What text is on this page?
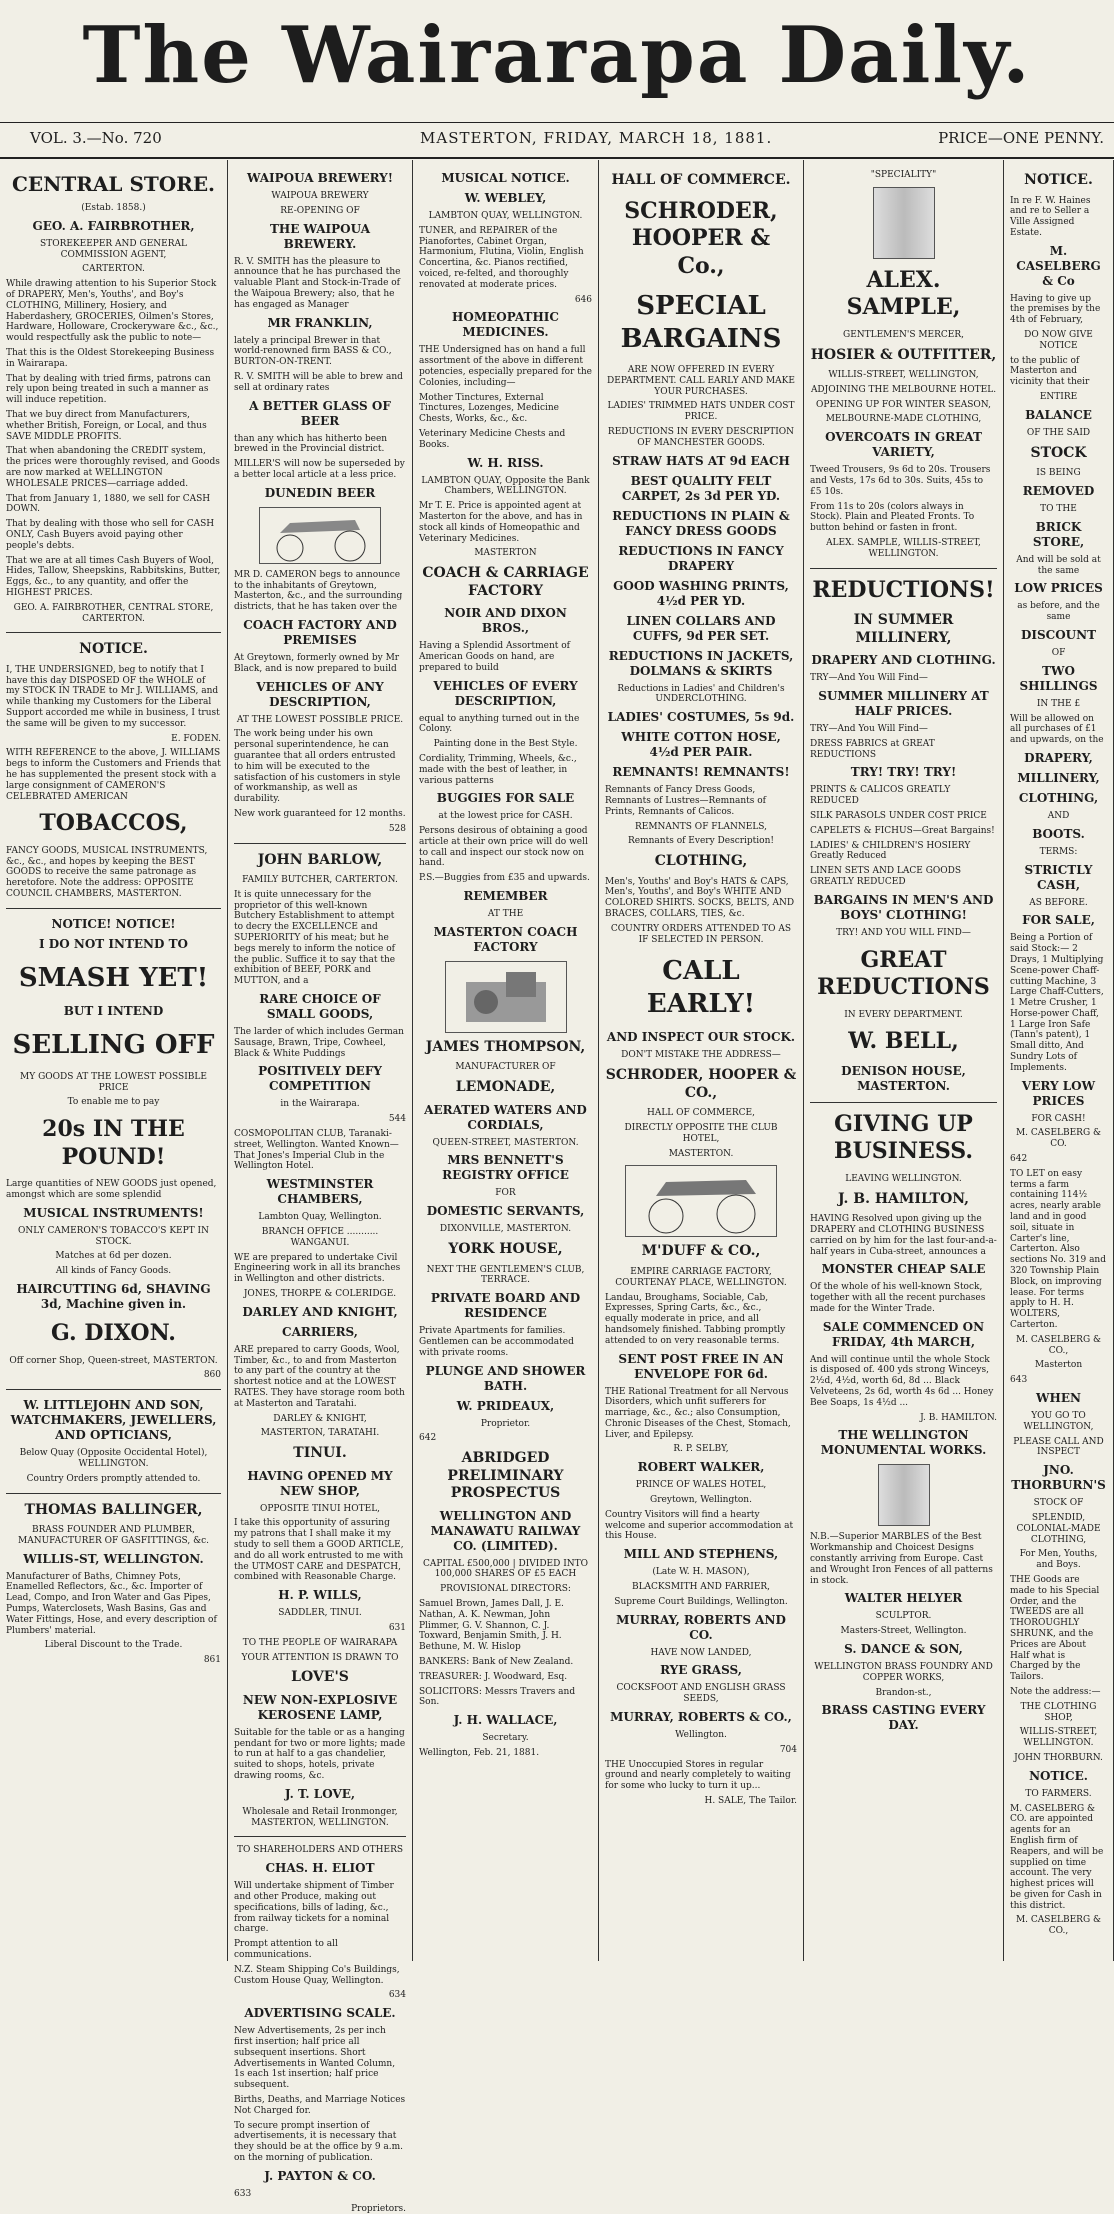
The Wairarapa Daily.
VOL. 3.—No. 720	MASTERTON, FRIDAY, MARCH 18, 1881.	PRICE—ONE PENNY.
CENTRAL STORE.
(Estab. 1858.)
GEO. A. FAIRBROTHER,
STOREKEEPER AND GENERAL COMMISSION AGENT,
CARTERTON.
While drawing attention to his Superior Stock of DRAPERY, Men's, Youths', and Boy's CLOTHING, Millinery, Hosiery, and Haberdashery, GROCERIES, Oilmen's Stores, Hardware, Holloware, Crockeryware &c., &c., would respectfully ask the public to note—
That this is the Oldest Storekeeping Business in Wairarapa.
That by dealing with tried firms, patrons can rely upon being treated in such a manner as will induce repetition.
That we buy direct from Manufacturers, whether British, Foreign, or Local, and thus SAVE MIDDLE PROFITS.
That when abandoning the CREDIT system, the prices were thoroughly revised, and Goods are now marked at WELLINGTON WHOLESALE PRICES—carriage added.
That from January 1, 1880, we sell for CASH DOWN.
That by dealing with those who sell for CASH ONLY, Cash Buyers avoid paying other people's debts.
That we are at all times Cash Buyers of Wool, Hides, Tallow, Sheepskins, Rabbitskins, Butter, Eggs, &c., to any quantity, and offer the HIGHEST PRICES.
GEO. A. FAIRBROTHER, CENTRAL STORE, CARTERTON.
NOTICE.
I, THE UNDERSIGNED, beg to notify that I have this day DISPOSED OF the WHOLE of my STOCK IN TRADE to Mr J. WILLIAMS, and while thanking my Customers for the Liberal Support accorded me while in business, I trust the same will be given to my successor.
E. FODEN.
WITH REFERENCE to the above, J. WILLIAMS begs to inform the Customers and Friends that he has supplemented the present stock with a large consignment of CAMERON'S CELEBRATED AMERICAN
TOBACCOS,
FANCY GOODS, MUSICAL INSTRUMENTS, &c., &c., and hopes by keeping the BEST GOODS to receive the same patronage as heretofore. Note the address: OPPOSITE COUNCIL CHAMBERS, MASTERTON.
NOTICE! NOTICE!
I DO NOT INTEND TO
SMASH YET!
BUT I INTEND
SELLING OFF
MY GOODS AT THE LOWEST POSSIBLE PRICE
To enable me to pay
20s IN THE POUND!
Large quantities of NEW GOODS just opened, amongst which are some splendid
MUSICAL INSTRUMENTS!
ONLY CAMERON'S TOBACCO'S KEPT IN STOCK.
Matches at 6d per dozen.
All kinds of Fancy Goods.
HAIRCUTTING 6d, SHAVING 3d, Machine given in.
G. DIXON.
Off corner Shop, Queen-street, MASTERTON.
860
W. LITTLEJOHN AND SON, WATCHMAKERS, JEWELLERS, AND OPTICIANS,
Below Quay (Opposite Occidental Hotel), WELLINGTON.
Country Orders promptly attended to.
THOMAS BALLINGER,
BRASS FOUNDER AND PLUMBER, MANUFACTURER OF GASFITTINGS, &c.
WILLIS-ST, WELLINGTON.
Manufacturer of Baths, Chimney Pots, Enamelled Reflectors, &c., &c. Importer of Lead, Compo, and Iron Water and Gas Pipes, Pumps, Waterclosets, Wash Basins, Gas and Water Fittings, Hose, and every description of Plumbers' material.
Liberal Discount to the Trade.
861
WAIPOUA BREWERY!
WAIPOUA BREWERY
RE-OPENING OF
THE WAIPOUA BREWERY.
R. V. SMITH has the pleasure to announce that he has purchased the valuable Plant and Stock-in-Trade of the Waipoua Brewery; also, that he has engaged as Manager
MR FRANKLIN,
lately a principal Brewer in that world-renowned firm BASS & CO., BURTON-ON-TRENT.
R. V. SMITH will be able to brew and sell at ordinary rates
A BETTER GLASS OF BEER
than any which has hitherto been brewed in the Provincial district.
MILLER'S will now be superseded by a better local article at a less price.
DUNEDIN BEER
MR D. CAMERON begs to announce to the inhabitants of Greytown, Masterton, &c., and the surrounding districts, that he has taken over the
COACH FACTORY AND PREMISES
At Greytown, formerly owned by Mr Black, and is now prepared to build
VEHICLES OF ANY DESCRIPTION,
AT THE LOWEST POSSIBLE PRICE.
The work being under his own personal superintendence, he can guarantee that all orders entrusted to him will be executed to the satisfaction of his customers in style of workmanship, as well as durability.
New work guaranteed for 12 months.
528
JOHN BARLOW,
FAMILY BUTCHER, CARTERTON.
It is quite unnecessary for the proprietor of this well-known Butchery Establishment to attempt to decry the EXCELLENCE and SUPERIORITY of his meat; but he begs merely to inform the notice of the public. Suffice it to say that the exhibition of BEEF, PORK and MUTTON, and a
RARE CHOICE OF SMALL GOODS,
The larder of which includes German Sausage, Brawn, Tripe, Cowheel, Black & White Puddings
POSITIVELY DEFY COMPETITION
in the Wairarapa.
544
COSMOPOLITAN CLUB, Taranaki-street, Wellington. Wanted Known—That Jones's Imperial Club in the Wellington Hotel.
WESTMINSTER CHAMBERS,
Lambton Quay, Wellington.
BRANCH OFFICE ........... WANGANUI.
WE are prepared to undertake Civil Engineering work in all its branches in Wellington and other districts.
JONES, THORPE & COLERIDGE.
DARLEY AND KNIGHT,
CARRIERS,
ARE prepared to carry Goods, Wool, Timber, &c., to and from Masterton to any part of the country at the shortest notice and at the LOWEST RATES. They have storage room both at Masterton and Taratahi.
DARLEY & KNIGHT,
MASTERTON, TARATAHI.
TINUI.
HAVING OPENED MY NEW SHOP,
OPPOSITE TINUI HOTEL,
I take this opportunity of assuring my patrons that I shall make it my study to sell them a GOOD ARTICLE, and do all work entrusted to me with the UTMOST CARE and DESPATCH, combined with Reasonable Charge.
H. P. WILLS,
SADDLER, TINUI.
631
TO THE PEOPLE OF WAIRARAPA
YOUR ATTENTION IS DRAWN TO
LOVE'S
NEW NON-EXPLOSIVE KEROSENE LAMP,
Suitable for the table or as a hanging pendant for two or more lights; made to run at half to a gas chandelier, suited to shops, hotels, private drawing rooms, &c.
J. T. LOVE,
Wholesale and Retail Ironmonger, MASTERTON, WELLINGTON.
TO SHAREHOLDERS AND OTHERS
CHAS. H. ELIOT
Will undertake shipment of Timber and other Produce, making out specifications, bills of lading, &c., from railway tickets for a nominal charge.
Prompt attention to all communications.
N.Z. Steam Shipping Co's Buildings, Custom House Quay, Wellington.
634
ADVERTISING SCALE.
New Advertisements, 2s per inch first insertion; half price all subsequent insertions. Short Advertisements in Wanted Column, 1s each 1st insertion; half price subsequent.
Births, Deaths, and Marriage Notices Not Charged for.
To secure prompt insertion of advertisements, it is necessary that they should be at the office by 9 a.m. on the morning of publication.
J. PAYTON & CO.
633
Proprietors.
MUSICAL NOTICE.
W. WEBLEY,
LAMBTON QUAY, WELLINGTON.
TUNER, and REPAIRER of the Pianofortes, Cabinet Organ, Harmonium, Flutina, Violin, English Concertina, &c. Pianos rectified, voiced, re-felted, and thoroughly renovated at moderate prices.
646
HOMEOPATHIC MEDICINES.
THE Undersigned has on hand a full assortment of the above in different potencies, especially prepared for the Colonies, including—
Mother Tinctures, External Tinctures, Lozenges, Medicine Chests, Works, &c., &c.
Veterinary Medicine Chests and Books.
W. H. RISS.
LAMBTON QUAY, Opposite the Bank Chambers, WELLINGTON.
Mr T. E. Price is appointed agent at Masterton for the above, and has in stock all kinds of Homeopathic and Veterinary Medicines.
MASTERTON
COACH & CARRIAGE FACTORY
NOIR AND DIXON BROS.,
Having a Splendid Assortment of American Goods on hand, are prepared to build
VEHICLES OF EVERY DESCRIPTION,
equal to anything turned out in the Colony.
Painting done in the Best Style.
Cordiality, Trimming, Wheels, &c., made with the best of leather, in various patterns
BUGGIES FOR SALE
at the lowest price for CASH.
Persons desirous of obtaining a good article at their own price will do well to call and inspect our stock now on hand.
P.S.—Buggies from £35 and upwards.
REMEMBER
AT THE
MASTERTON COACH FACTORY
JAMES THOMPSON,
MANUFACTURER OF
LEMONADE,
AERATED WATERS AND CORDIALS,
QUEEN-STREET, MASTERTON.
MRS BENNETT'S REGISTRY OFFICE
FOR
DOMESTIC SERVANTS,
DIXONVILLE, MASTERTON.
YORK HOUSE,
NEXT THE GENTLEMEN'S CLUB, TERRACE.
PRIVATE BOARD AND RESIDENCE
Private Apartments for families. Gentlemen can be accommodated with private rooms.
PLUNGE AND SHOWER BATH.
W. PRIDEAUX,
Proprietor.
642
ABRIDGED PRELIMINARY PROSPECTUS
WELLINGTON AND MANAWATU RAILWAY CO. (LIMITED).
CAPITAL £500,000 | DIVIDED INTO 100,000 SHARES OF £5 EACH
PROVISIONAL DIRECTORS:
Samuel Brown, James Dall, J. E. Nathan, A. K. Newman, John Plimmer, G. V. Shannon, C. J. Toxward, Benjamin Smith, J. H. Bethune, M. W. Hislop
BANKERS: Bank of New Zealand.
TREASURER: J. Woodward, Esq.
SOLICITORS: Messrs Travers and Son.
J. H. WALLACE,
Secretary.
Wellington, Feb. 21, 1881.
HALL OF COMMERCE.
SCHRODER, HOOPER & Co.,
SPECIAL BARGAINS
ARE NOW OFFERED IN EVERY DEPARTMENT. CALL EARLY AND MAKE YOUR PURCHASES.
LADIES' TRIMMED HATS UNDER COST PRICE.
REDUCTIONS IN EVERY DESCRIPTION OF MANCHESTER GOODS.
STRAW HATS AT 9d EACH
BEST QUALITY FELT CARPET, 2s 3d PER YD.
REDUCTIONS IN PLAIN & FANCY DRESS GOODS
REDUCTIONS IN FANCY DRAPERY
GOOD WASHING PRINTS, 4½d PER YD.
LINEN COLLARS AND CUFFS, 9d PER SET.
REDUCTIONS IN JACKETS, DOLMANS & SKIRTS
Reductions in Ladies' and Children's UNDERCLOTHING.
LADIES' COSTUMES, 5s 9d.
WHITE COTTON HOSE, 4½d PER PAIR.
REMNANTS! REMNANTS!
Remnants of Fancy Dress Goods, Remnants of Lustres—Remnants of Prints, Remnants of Calicos.
REMNANTS OF FLANNELS,
Remnants of Every Description!
CLOTHING,
Men's, Youths' and Boy's HATS & CAPS, Men's, Youths', and Boy's WHITE AND COLORED SHIRTS. SOCKS, BELTS, AND BRACES, COLLARS, TIES, &c.
COUNTRY ORDERS ATTENDED TO AS IF SELECTED IN PERSON.
CALL EARLY!
AND INSPECT OUR STOCK.
DON'T MISTAKE THE ADDRESS—
SCHRODER, HOOPER & CO.,
HALL OF COMMERCE,
DIRECTLY OPPOSITE THE CLUB HOTEL,
MASTERTON.
M'DUFF & CO.,
EMPIRE CARRIAGE FACTORY, COURTENAY PLACE, WELLINGTON.
Landau, Broughams, Sociable, Cab, Expresses, Spring Carts, &c., &c., equally moderate in price, and all handsomely finished. Tabbing promptly attended to on very reasonable terms.
SENT POST FREE IN AN ENVELOPE FOR 6d.
THE Rational Treatment for all Nervous Disorders, which unfit sufferers for marriage, &c., &c.; also Consumption, Chronic Diseases of the Chest, Stomach, Liver, and Epilepsy.
R. P. SELBY,
ROBERT WALKER,
PRINCE OF WALES HOTEL,
Greytown, Wellington.
Country Visitors will find a hearty welcome and superior accommodation at this House.
MILL AND STEPHENS,
(Late W. H. MASON),
BLACKSMITH AND FARRIER,
Supreme Court Buildings, Wellington.
MURRAY, ROBERTS AND CO.
HAVE NOW LANDED,
RYE GRASS,
COCKSFOOT AND ENGLISH GRASS SEEDS,
MURRAY, ROBERTS & CO.,
Wellington.
704
THE Unoccupied Stores in regular ground and nearly completely to waiting for some who lucky to turn it up...
H. SALE, The Tailor.
"SPECIALITY"
ALEX. SAMPLE,
GENTLEMEN'S MERCER,
HOSIER & OUTFITTER,
WILLIS-STREET, WELLINGTON,
ADJOINING THE MELBOURNE HOTEL.
OPENING UP FOR WINTER SEASON,
MELBOURNE-MADE CLOTHING,
OVERCOATS IN GREAT VARIETY,
Tweed Trousers, 9s 6d to 20s. Trousers and Vests, 17s 6d to 30s. Suits, 45s to £5 10s.
From 11s to 20s (colors always in Stock). Plain and Pleated Fronts. To button behind or fasten in front.
ALEX. SAMPLE, WILLIS-STREET, WELLINGTON.
REDUCTIONS!
IN SUMMER MILLINERY,
DRAPERY AND CLOTHING.
TRY—And You Will Find—
SUMMER MILLINERY AT HALF PRICES.
TRY—And You Will Find—
DRESS FABRICS at GREAT REDUCTIONS
TRY! TRY! TRY!
PRINTS & CALICOS GREATLY REDUCED
SILK PARASOLS UNDER COST PRICE
CAPELETS & FICHUS—Great Bargains!
LADIES' & CHILDREN'S HOSIERY Greatly Reduced
LINEN SETS AND LACE GOODS GREATLY REDUCED
BARGAINS IN MEN'S AND BOYS' CLOTHING!
TRY! AND YOU WILL FIND—
GREAT REDUCTIONS
IN EVERY DEPARTMENT.
W. BELL,
DENISON HOUSE, MASTERTON.
GIVING UP BUSINESS.
LEAVING WELLINGTON.
J. B. HAMILTON,
HAVING Resolved upon giving up the DRAPERY and CLOTHING BUSINESS carried on by him for the last four-and-a-half years in Cuba-street, announces a
MONSTER CHEAP SALE
Of the whole of his well-known Stock, together with all the recent purchases made for the Winter Trade.
SALE COMMENCED ON FRIDAY, 4th MARCH,
And will continue until the whole Stock is disposed of. 400 yds strong Winceys, 2½d, 4½d, worth 6d, 8d ... Black Velveteens, 2s 6d, worth 4s 6d ... Honey Bee Soaps, 1s 4½d ...
J. B. HAMILTON.
THE WELLINGTON MONUMENTAL WORKS.
N.B.—Superior MARBLES of the Best Workmanship and Choicest Designs constantly arriving from Europe. Cast and Wrought Iron Fences of all patterns in stock.
WALTER HELYER
SCULPTOR.
Masters-Street, Wellington.
S. DANCE & SON,
WELLINGTON BRASS FOUNDRY AND COPPER WORKS,
Brandon-st.,
BRASS CASTING EVERY DAY.
NOTICE.
In re F. W. Haines and re to Seller a Ville Assigned Estate.
M. CASELBERG & Co
Having to give up the premises by the 4th of February,
DO NOW GIVE NOTICE
to the public of Masterton and vicinity that their
ENTIRE
BALANCE
OF THE SAID
STOCK
IS BEING
REMOVED
TO THE
BRICK STORE,
And will be sold at the same
LOW PRICES
as before, and the same
DISCOUNT
OF
TWO SHILLINGS
IN THE £
Will be allowed on all purchases of £1 and upwards, on the
DRAPERY,
MILLINERY,
CLOTHING,
AND
BOOTS.
TERMS:
STRICTLY CASH,
AS BEFORE.
FOR SALE,
Being a Portion of said Stock:— 2 Drays, 1 Multiplying Scene-power Chaff-cutting Machine, 3 Large Chaff-Cutters, 1 Metre Crusher, 1 Horse-power Chaff, 1 Large Iron Safe (Tann's patent), 1 Small ditto, And Sundry Lots of Implements.
VERY LOW PRICES
FOR CASH!
M. CASELBERG & CO.
642
TO LET on easy terms a farm containing 114½ acres, nearly arable land and in good soil, situate in Carter's line, Carterton. Also sections No. 319 and 320 Township Plain Block, on improving lease. For terms apply to H. H. WOLTERS, Carterton.
M. CASELBERG & CO.,
Masterton
643
WHEN
YOU GO TO WELLINGTON,
PLEASE CALL AND INSPECT
JNO. THORBURN'S
STOCK OF
SPLENDID, COLONIAL-MADE CLOTHING,
For Men, Youths, and Boys.
THE Goods are made to his Special Order, and the TWEEDS are all THOROUGHLY SHRUNK, and the Prices are About Half what is Charged by the Tailors.
Note the address:—
THE CLOTHING SHOP,
WILLIS-STREET, WELLINGTON.
JOHN THORBURN.
NOTICE.
TO FARMERS.
M. CASELBERG & CO. are appointed agents for an English firm of Reapers, and will be supplied on time account. The very highest prices will be given for Cash in this district.
M. CASELBERG & CO.,
